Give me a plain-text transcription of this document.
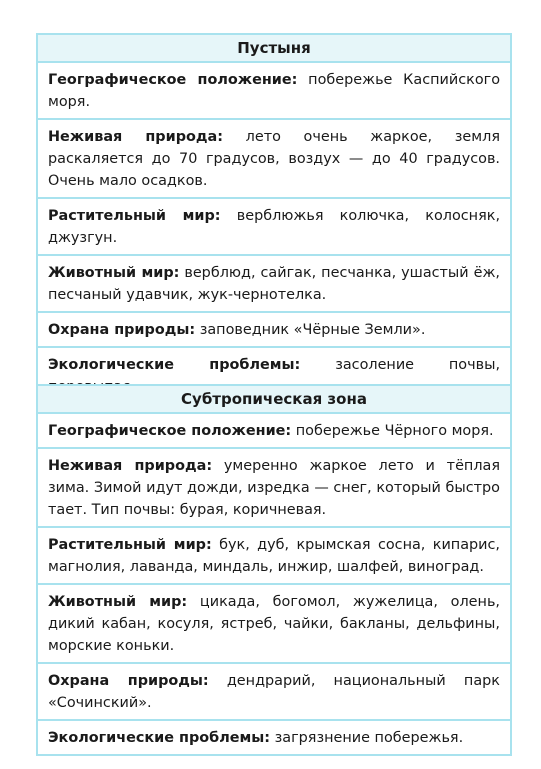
Пустыня
Географическое положение: побережье Каспийского моря.
Неживая природа: лето очень жаркое, земля раскаляется до 70 градусов, воздух — до 40 градусов. Очень мало осадков.
Растительный мир: верблюжья колючка, колосняк, джузгун.
Животный мир: верблюд, сайгак, песчанка, ушастый ёж, песчаный удавчик, жук-чернотелка.
Охрана природы: заповедник «Чёрные Земли».
Экологические проблемы: засоление почвы,
Субтропическая зона
Географическое положение: побережье Чёрного моря.
Неживая природа: умеренно жаркое лето и тёплая зима. Зимой идут дожди, изредка — снег, который быстро тает. Тип почвы: бурая, коричневая.
Растительный мир: бук, дуб, крымская сосна, кипарис, магнолия, лаванда, миндаль, инжир, шалфей, виноград.
Животный мир: цикада, богомол, жужелица, олень, дикий кабан, косуля, ястреб, чайки, бакланы, дельфины, морские коньки.
Охрана природы: дендрарий, национальный парк «Сочинский».
Экологические проблемы: загрязнение побережья.
